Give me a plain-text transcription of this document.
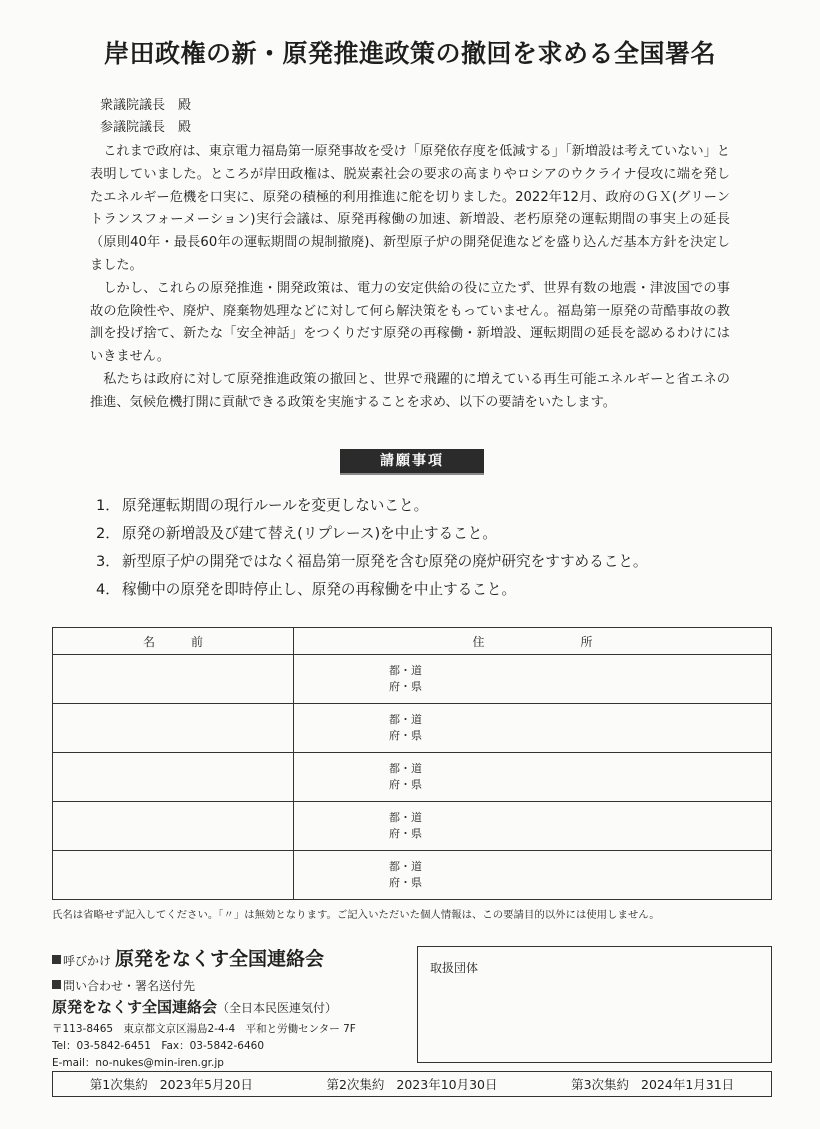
岸田政権の新・原発推進政策の撤回を求める全国署名
衆議院議長　殿
参議院議長　殿

これまで政府は、東京電力福島第一原発事故を受け「原発依存度を低減する」「新増設は考えていない」と表明していました。ところが岸田政権は、脱炭素社会の要求の高まりやロシアのウクライナ侵攻に端を発したエネルギー危機を口実に、原発の積極的利用推進に舵を切りました。2022年12月、政府のＧＸ(グリーントランスフォーメーション)実行会議は、原発再稼働の加速、新増設、老朽原発の運転期間の事実上の延長（原則40年・最長60年の運転期間の規制撤廃)、新型原子炉の開発促進などを盛り込んだ基本方針を決定しました。

しかし、これらの原発推進・開発政策は、電力の安定供給の役に立たず、世界有数の地震・津波国での事故の危険性や、廃炉、廃棄物処理などに対して何ら解決策をもっていません。福島第一原発の苛酷事故の教訓を投げ捨て、新たな「安全神話」をつくりだす原発の再稼働・新増設、運転期間の延長を認めるわけにはいきません。

私たちは政府に対して原発推進政策の撤回と、世界で飛躍的に増えている再生可能エネルギーと省エネの推進、気候危機打開に貢献できる政策を実施することを求め、以下の要請をいたします。

請願事項
1． 原発運転期間の現行ルールを変更しないこと。
2． 原発の新増設及び建て替え(リプレース)を中止すること。
3． 新型原子炉の開発ではなく福島第一原発を含む原発の廃炉研究をすすめること。
4． 稼働中の原発を即時停止し、原発の再稼働を中止すること。
名　　　前	住　　　　　　　　所

	都・道
府・県

	都・道
府・県

	都・道
府・県

	都・道
府・県

	都・道
府・県
氏名は省略せず記入してください。「〃」は無効となります。ご記入いただいた個人情報は、この要請目的以外には使用しません。
呼びかけ 原発をなくす全国連絡会
問い合わせ・署名送付先
原発をなくす全国連絡会（全日本民医連気付）
〒113-8465　東京都文京区湯島2-4-4　平和と労働センター 7F
Tel：03-5842-6451　Fax：03-5842-6460
E-mail：no-nukes@min-iren.gr.jp
取扱団体
第1次集約 2023年5月20日	第2次集約 2023年10月30日	第3次集約 2024年1月31日
